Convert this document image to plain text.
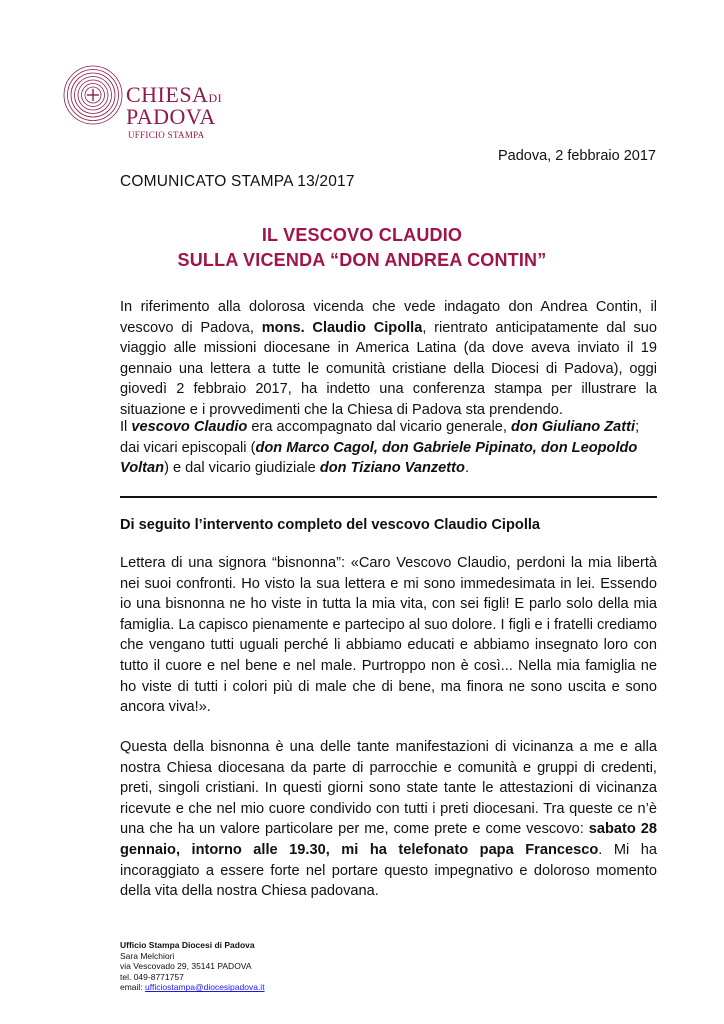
CHIESADI
PADOVA
UFFICIO STAMPA
Padova, 2 febbraio 2017
COMUNICATO STAMPA 13/2017
IL VESCOVO CLAUDIO
SULLA VICENDA “DON ANDREA CONTIN”
In riferimento alla dolorosa vicenda che vede indagato don Andrea Contin, il vescovo di Padova, mons. Claudio Cipolla, rientrato anticipatamente dal suo viaggio alle missioni diocesane in America Latina (da dove aveva inviato il 19 gennaio una lettera a tutte le comunità cristiane della Diocesi di Padova), oggi giovedì 2 febbraio 2017, ha indetto una conferenza stampa per illustrare la situazione e i provvedimenti che la Chiesa di Padova sta prendendo.
Il vescovo Claudio era accompagnato dal vicario generale, don Giuliano Zatti; dai vicari episcopali (don Marco Cagol, don Gabriele Pipinato, don Leopoldo Voltan) e dal vicario giudiziale don Tiziano Vanzetto.
Di seguito l’intervento completo del vescovo Claudio Cipolla
Lettera di una signora “bisnonna”: «Caro Vescovo Claudio, perdoni la mia libertà nei suoi confronti. Ho visto la sua lettera e mi sono immedesimata in lei. Essendo io una bisnonna ne ho viste in tutta la mia vita, con sei figli! E parlo solo della mia famiglia. La capisco pienamente e partecipo al suo dolore. I figli e i fratelli crediamo che vengano tutti uguali perché li abbiamo educati e abbiamo insegnato loro con tutto il cuore e nel bene e nel male. Purtroppo non è così... Nella mia famiglia ne ho viste di tutti i colori più di male che di bene, ma finora ne sono uscita e sono ancora viva!».
Questa della bisnonna è una delle tante manifestazioni di vicinanza a me e alla nostra Chiesa diocesana da parte di parrocchie e comunità e gruppi di credenti, preti, singoli cristiani. In questi giorni sono state tante le attestazioni di vicinanza ricevute e che nel mio cuore condivido con tutti i preti diocesani. Tra queste ce n’è una che ha un valore particolare per me, come prete e come vescovo: sabato 28 gennaio, intorno alle 19.30, mi ha telefonato papa Francesco. Mi ha incoraggiato a essere forte nel portare questo impegnativo e doloroso momento della vita della nostra Chiesa padovana.
Ufficio Stampa Diocesi di Padova
Sara Melchiori
via Vescovado 29, 35141 PADOVA
tel. 049-8771757
email: ufficiostampa@diocesipadova.it
